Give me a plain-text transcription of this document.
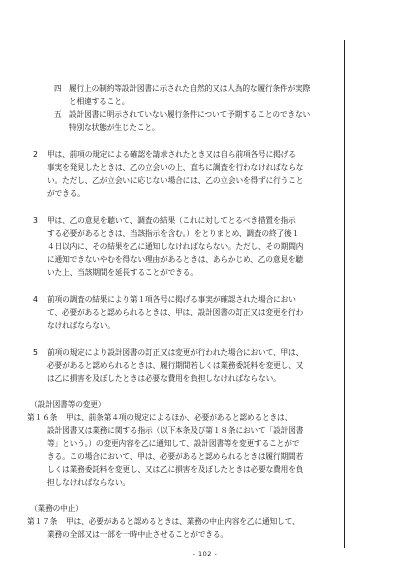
四 履行上の制約等設計図書に示された自然的又は人為的な履行条件が実際
と相違すること。
五 設計図書に明示されていない履行条件について予期することのできない
特別な状態が生じたこと。
2 甲は、前項の規定による確認を請求されたとき又は自ら前項各号に掲げる
事実を発見したときは、乙の立会いの上、直ちに調査を行わなければならな
い。ただし、乙が立会いに応じない場合には、乙の立会いを得ずに行うこと
ができる。
3 甲は、乙の意見を聴いて、調査の結果（これに対してとるべき措置を指示
する必要があるときは、当該指示を含む。）をとりまとめ、調査の終了後１
４日以内に、その結果を乙に通知しなければならない。ただし、その期間内
に通知できないやむを得ない理由があるときは、あらかじめ、乙の意見を聴
いた上、当該期間を延長することができる。
4 前項の調査の結果により第１項各号に掲げる事実が確認された場合におい
て、必要があると認められるときは、甲は、設計図書の訂正又は変更を行わ
なければならない。
5 前項の規定により設計図書の訂正又は変更が行われた場合において、甲は、
必要があると認められるときは、履行期間若しくは業務委託料を変更し、又
は乙に損害を及ぼしたときは必要な費用を負担しなければならない。
（設計図書等の変更）
第１６条 甲は、前条第４項の規定によるほか、必要があると認めるときは、
設計図書又は業務に関する指示（以下本条及び第１８条において「設計図書
等」という。）の変更内容を乙に通知して、設計図書等を変更することがで
きる。この場合において、甲は、必要があると認められるときは履行期間若
しくは業務委託料を変更し、又は乙に損害を及ぼしたときは必要な費用を負
担しなければならない。
（業務の中止）
第１７条 甲は、必要があると認めるときは、業務の中止内容を乙に通知して、
業務の全部又は一部を一時中止させることができる。
- 102 -
